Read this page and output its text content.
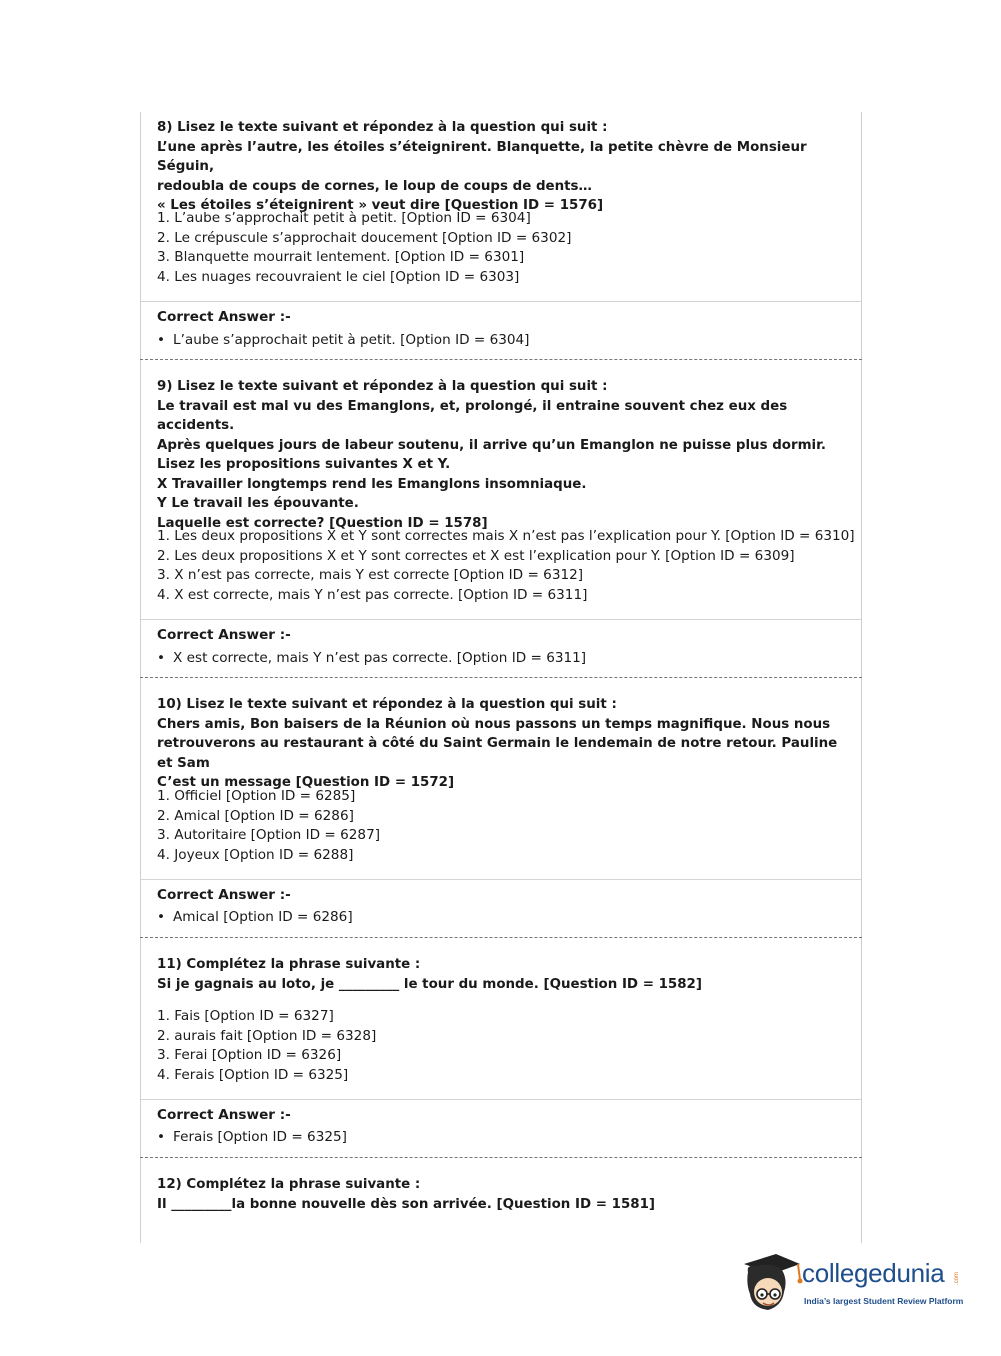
8) Lisez le texte suivant et répondez à la question qui suit :
L’une après l’autre, les étoiles s’éteignirent. Blanquette, la petite chèvre de Monsieur Séguin,
redoubla de coups de cornes, le loup de coups de dents…
« Les étoiles s’éteignirent » veut dire [Question ID = 1576]
1. L’aube s’approchait petit à petit. [Option ID = 6304]
2. Le crépuscule s’approchait doucement [Option ID = 6302]
3. Blanquette mourrait lentement. [Option ID = 6301]
4. Les nuages recouvraient le ciel [Option ID = 6303]
Correct Answer :-
• L’aube s’approchait petit à petit. [Option ID = 6304]
9) Lisez le texte suivant et répondez à la question qui suit :
Le travail est mal vu des Emanglons, et, prolongé, il entraine souvent chez eux des accidents.
Après quelques jours de labeur soutenu, il arrive qu’un Emanglon ne puisse plus dormir.
Lisez les propositions suivantes X et Y.
X Travailler longtemps rend les Emanglons insomniaque.
Y Le travail les épouvante.
Laquelle est correcte? [Question ID = 1578]
1. Les deux propositions X et Y sont correctes mais X n’est pas l’explication pour Y. [Option ID = 6310]
2. Les deux propositions X et Y sont correctes et X est l’explication pour Y. [Option ID = 6309]
3. X n’est pas correcte, mais Y est correcte [Option ID = 6312]
4. X est correcte, mais Y n’est pas correcte. [Option ID = 6311]
Correct Answer :-
• X est correcte, mais Y n’est pas correcte. [Option ID = 6311]
10) Lisez le texte suivant et répondez à la question qui suit :
Chers amis, Bon baisers de la Réunion où nous passons un temps magnifique. Nous nous
retrouverons au restaurant à côté du Saint Germain le lendemain de notre retour. Pauline et Sam
C’est un message [Question ID = 1572]
1. Officiel [Option ID = 6285]
2. Amical [Option ID = 6286]
3. Autoritaire [Option ID = 6287]
4. Joyeux [Option ID = 6288]
Correct Answer :-
• Amical [Option ID = 6286]
11) Complétez la phrase suivante :
Si je gagnais au loto, je _________ le tour du monde. [Question ID = 1582]
1. Fais [Option ID = 6327]
2. aurais fait [Option ID = 6328]
3. Ferai [Option ID = 6326]
4. Ferais [Option ID = 6325]
Correct Answer :-
• Ferais [Option ID = 6325]
12) Complétez la phrase suivante :
Il _________la bonne nouvelle dès son arrivée. [Question ID = 1581]
collegedunia .com
India’s largest Student Review Platform
